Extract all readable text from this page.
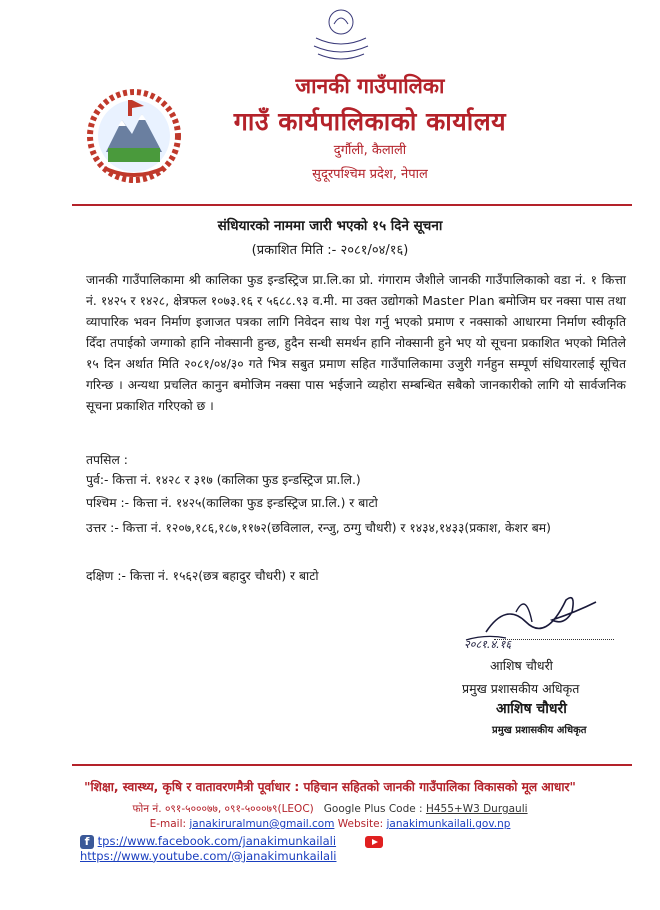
जानकी गाउँपालिका
गाउँ कार्यपालिकाको कार्यालय
दुर्गौली, कैलाली
सुदूरपश्चिम प्रदेश, नेपाल
संधियारको नाममा जारी भएको १५ दिने सूचना
(प्रकाशित मिति :- २०८१/०४/१६)
जानकी गाउँपालिकामा श्री कालिका फुड इन्डस्ट्रिज प्रा.लि.का प्रो. गंगाराम जैशीले जानकी गाउँपालिकाको वडा नं. १ कित्ता नं. १४२५ र १४२८, क्षेत्रफल १०७३.१६ र ५६८८.९३ व.मी. मा उक्त उद्योगको Master Plan बमोजिम घर नक्सा पास तथा व्यापारिक भवन निर्माण इजाजत पत्रका लागि निवेदन साथ पेश गर्नु भएको प्रमाण र नक्साको आधारमा निर्माण स्वीकृति दिँदा तपाईको जग्गाको हानि नोक्सानी हुन्छ, हुदैन सन्धी समर्थन हानि नोक्सानी हुने भए यो सूचना प्रकाशित भएको मितिले १५ दिन अर्थात मिति २०८१/०४/३० गते भित्र सबुत प्रमाण सहित गाउँपालिकामा उजुरी गर्नहुन सम्पूर्ण संधियारलाई सूचित गरिन्छ । अन्यथा प्रचलित कानुन बमोजिम नक्सा पास भईजाने व्यहोरा सम्बन्धित सबैको जानकारीको लागि यो सार्वजनिक सूचना प्रकाशित गरिएको छ ।
तपसिल :
पुर्व:- कित्ता नं. १४२८ र ३१७ (कालिका फुड इन्डस्ट्रिज प्रा.लि.)
पश्चिम :- कित्ता नं. १४२५(कालिका फुड इन्डस्ट्रिज प्रा.लि.) र बाटो
उत्तर :- कित्ता नं. १२०७,१८६,१८७,११७२(छविलाल, रन्जु, ठग्गु चौधरी) र १४३४,१४३३(प्रकाश, केशर बम)
दक्षिण :- कित्ता नं. १५६२(छत्र बहादुर चौधरी) र बाटो
२०८१.४.१६
आशिष चौधरी
प्रमुख प्रशासकीय अधिकृत
आशिष चौधरी
प्रमुख प्रशासकीय अधिकृत
"शिक्षा, स्वास्थ्य, कृषि र वातावरणमैत्री पूर्वाधार : पहिचान सहितको जानकी गाउँपालिका विकासको मूल आधार"
फोन नं. ०९१-५०००७७, ०९१-५०००७९(LEOC) Google Plus Code : H455+W3 Durgauli
E-mail: janakiruralmun@gmail.com Website: janakimunkailali.gov.np
f tps://www.facebook.com/janakimunkailali      https://www.youtube.com/@janakimunkailali
